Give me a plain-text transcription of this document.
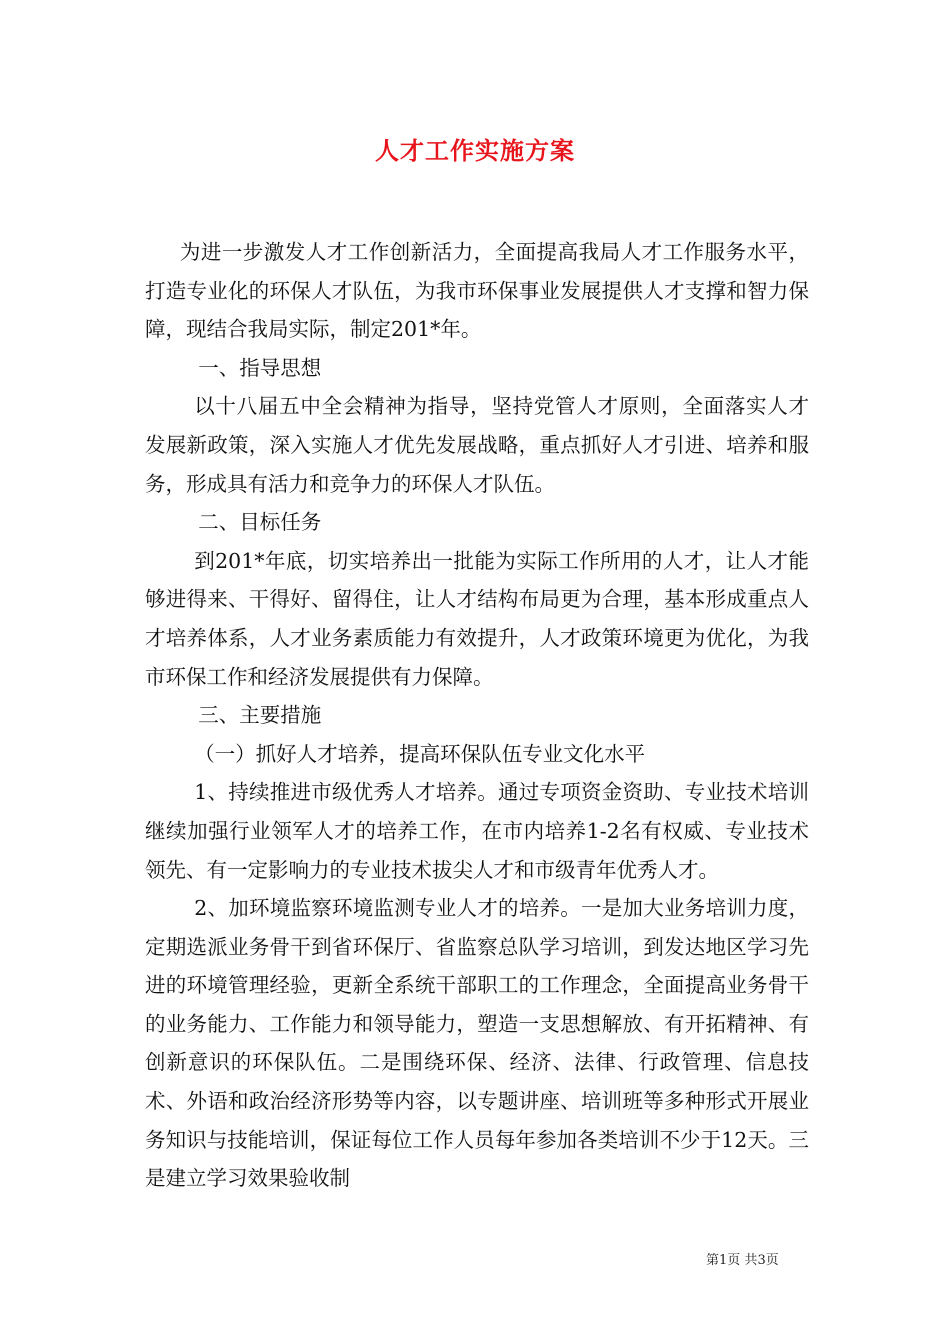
人才工作实施方案

为进一步激发人才工作创新活力，全面提高我局人才工作服务水平，打造专业化的环保人才队伍，为我市环保事业发展提供人才支撑和智力保障，现结合我局实际，制定201*年。

一、指导思想

以十八届五中全会精神为指导，坚持党管人才原则，全面落实人才发展新政策，深入实施人才优先发展战略，重点抓好人才引进、培养和服务，形成具有活力和竞争力的环保人才队伍。

二、目标任务

到201*年底，切实培养出一批能为实际工作所用的人才，让人才能够进得来、干得好、留得住，让人才结构布局更为合理，基本形成重点人才培养体系，人才业务素质能力有效提升，人才政策环境更为优化，为我市环保工作和经济发展提供有力保障。

三、主要措施

（一）抓好人才培养，提高环保队伍专业文化水平

1、持续推进市级优秀人才培养。通过专项资金资助、专业技术培训继续加强行业领军人才的培养工作，在市内培养1-2名有权威、专业技术领先、有一定影响力的专业技术拔尖人才和市级青年优秀人才。

2、加环境监察环境监测专业人才的培养。一是加大业务培训力度，定期选派业务骨干到省环保厅、省监察总队学习培训，到发达地区学习先进的环境管理经验，更新全系统干部职工的工作理念，全面提高业务骨干的业务能力、工作能力和领导能力，塑造一支思想解放、有开拓精神、有创新意识的环保队伍。二是围绕环保、经济、法律、行政管理、信息技术、外语和政治经济形势等内容，以专题讲座、培训班等多种形式开展业务知识与技能培训，保证每位工作人员每年参加各类培训不少于12天。三是建立学习效果验收制

第1页 共3页
